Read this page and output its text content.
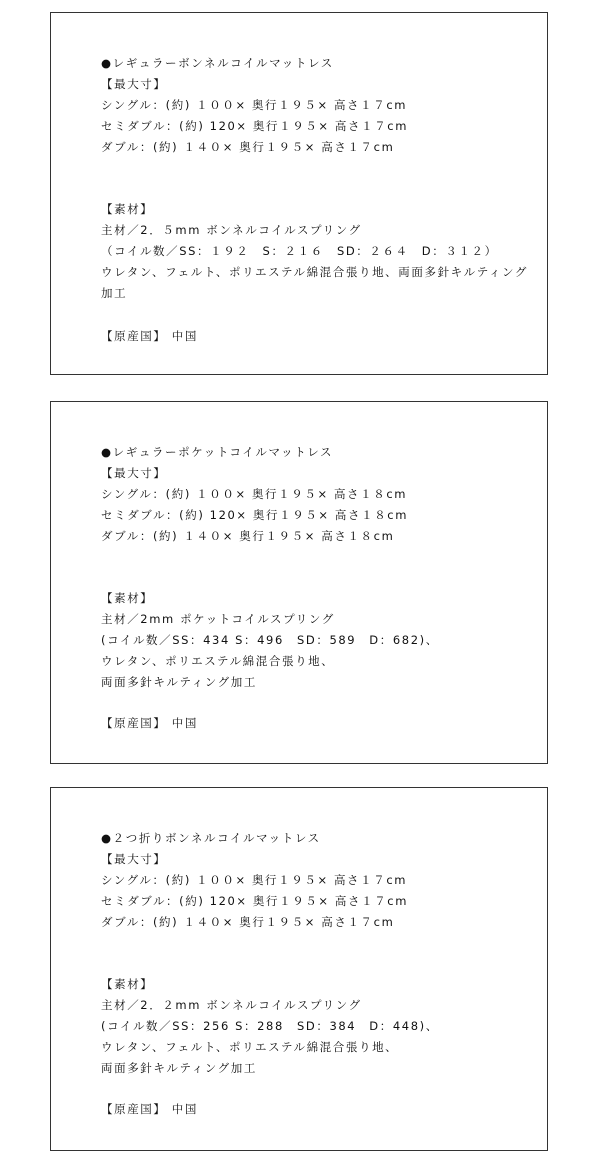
●レギュラーボンネルコイルマットレス
【最大寸】
シングル：(約) １００× 奥行１９５× 高さ１７cm
セミダブル：(約) 120× 奥行１９５× 高さ１７cm
ダブル：(約) １４０× 奥行１９５× 高さ１７cm
【素材】
主材／2．５mm ボンネルコイルスプリング
（コイル数／SS：１９２　S：２１６　SD：２６４　D：３１２）
ウレタン、フェルト、ポリエステル綿混合張り地、両面多針キルティング加工
【原産国】 中国
●レギュラーポケットコイルマットレス
【最大寸】
シングル：(約) １００× 奥行１９５× 高さ１８cm
セミダブル：(約) 120× 奥行１９５× 高さ１８cm
ダブル：(約) １４０× 奥行１９５× 高さ１８cm
【素材】
主材／2mm ポケットコイルスプリング
(コイル数／SS：434 S：496　SD：589　D：682)、
ウレタン、ポリエステル綿混合張り地、
両面多針キルティング加工
【原産国】 中国
●２つ折りボンネルコイルマットレス
【最大寸】
シングル：(約) １００× 奥行１９５× 高さ１７cm
セミダブル：(約) 120× 奥行１９５× 高さ１７cm
ダブル：(約) １４０× 奥行１９５× 高さ１７cm
【素材】
主材／2．２mm ボンネルコイルスプリング
(コイル数／SS：256 S：288　SD：384　D：448)、
ウレタン、フェルト、ポリエステル綿混合張り地、
両面多針キルティング加工
【原産国】 中国
